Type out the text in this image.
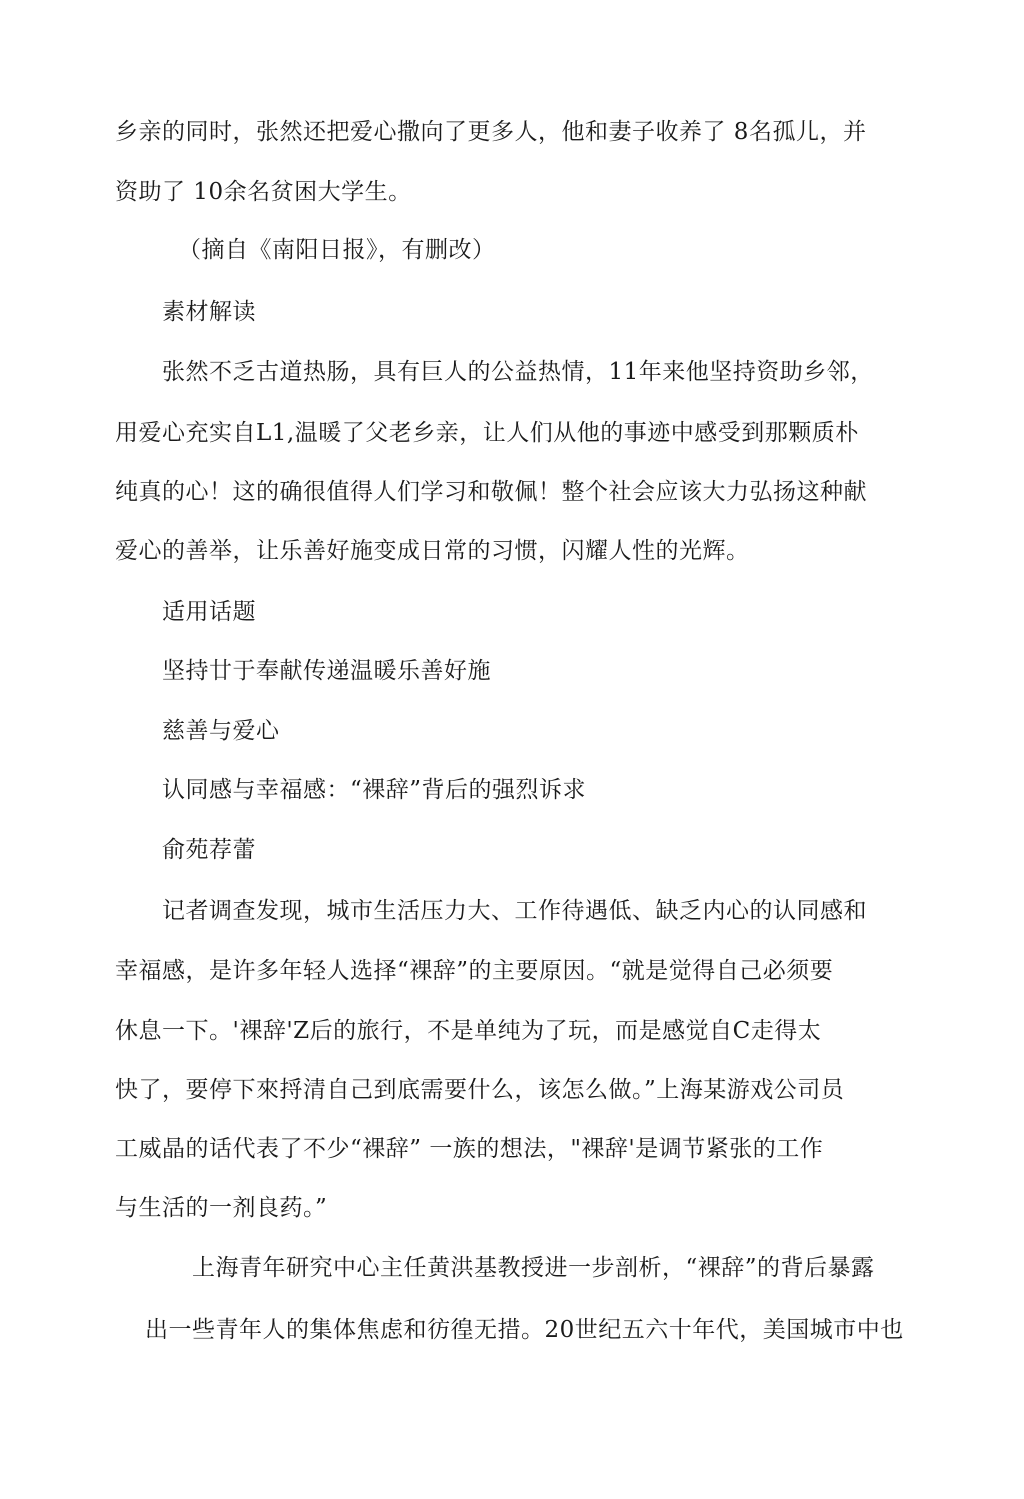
乡亲的同时，张然还把爱心撒向了更多人，他和妻子收养了 8名孤儿，并
资助了 10余名贫困大学生。
（摘自《南阳日报》，有删改）
素材解读
张然不乏古道热肠，具有巨人的公益热情，11年来他坚持资助乡邻，
用爱心充实自L1,温暖了父老乡亲，让人们从他的事迹中感受到那颗质朴
纯真的心！这的确很值得人们学习和敬佩！整个社会应该大力弘扬这种献
爱心的善举，让乐善好施变成日常的习惯，闪耀人性的光辉。
适用话题
坚持廿于奉献传递温暖乐善好施
慈善与爱心
认同感与幸福感：“裸辞”背后的强烈诉求
俞苑荐蕾
记者调查发现，城市生活压力大、工作待遇低、缺乏内心的认同感和
幸福感，是许多年轻人选择“裸辞”的主要原因。“就是觉得自己必须要
休息一下。'裸辞'Z后的旅行，不是单纯为了玩，而是感觉自C走得太
快了，要停下來捋清自己到底需要什么，该怎么做。”上海某游戏公司员
工威晶的话代表了不少“裸辞” 一族的想法，"裸辞'是调节紧张的工作
与生活的一剂良药。”
上海青年研究中心主任黄洪基教授进一步剖析，“裸辞”的背后暴露
出一些青年人的集体焦虑和彷徨无措。20世纪五六十年代，美国城市中也
